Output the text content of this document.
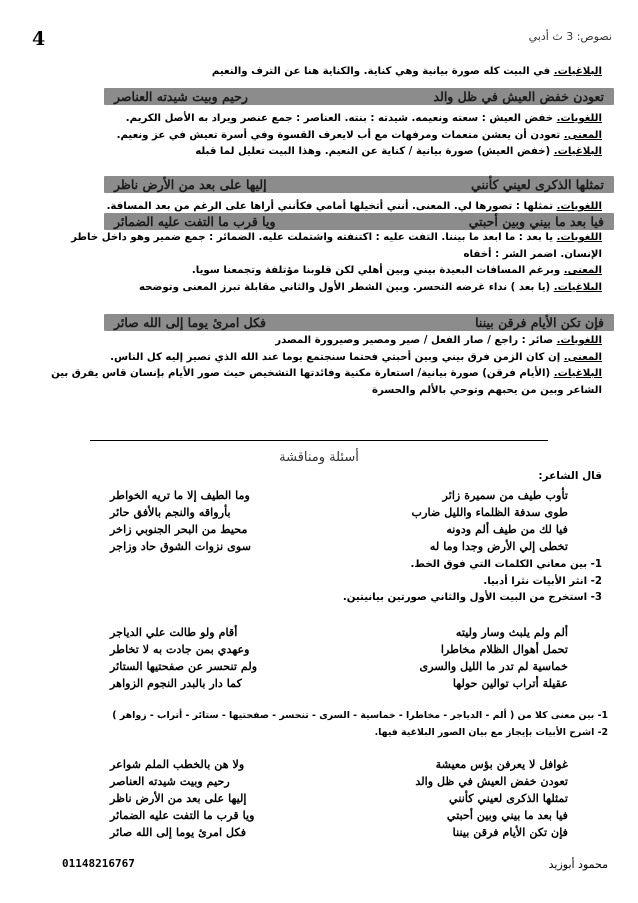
نصوص: 3 ث أدبي
4
البلاغيات. في البيت كله صورة بيانية وهي كناية. والكناية هنا عن الترف والنعيم
تعودن خفض العيش في ظل والد
رحيم وبيت شيدته العناصر
اللغويات. خفض العيش : سعته ونعيمه. شيدته : بنته. العناصر : جمع عنصر ويراد به الأصل الكريم.
المعنى. تعودن أن يعشن منعمات ومرفهات مع أب لايعرف القسوة وفي أسرة تعيش في عز ونعيم.
البلاغيات. (خفض العيش) صورة بيانية / كناية عن النعيم. وهذا البيت تعليل لما قبله
تمثلها الذكرى لعيني كأنني
إليها على بعد من الأرض ناظر
اللغويات. تمثلها : تصورها لي. المعنى. أنني أتخيلها أمامي فكأنني أراها على الرغم من بعد المسافة.
فيا بعد ما بيني وبين أحبتي
ويا قرب ما التفت عليه الضمائر
اللغويات. يا بعد : ما ابعد ما بيننا. التفت عليه : اكتنفته واشتملت عليه. الضمائر : جمع ضمير وهو داخل خاطر
الإنسان. اضمر الشر : أخفاه
المعنى. وبرغم المسافات البعيدة بيني وبين أهلي لكن قلوبنا مؤتلفة وتجمعنا سويا.
البلاغيات. (يا بعد ) نداء غرضه التحسر. وبين الشطر الأول والثاني مقابلة تبرز المعنى وتوضحه
فإن تكن الأيام فرقن بيننا
فكل امرئ يوما إلى الله صائر
اللغويات. صائر : راجع / صار الفعل / صير ومصير وصيرورة المصدر
المعنى. إن كان الزمن فرق بيني وبين أحبتي فحتما سنجتمع يوما عند الله الذي تصير إليه كل الناس.
البلاغيات. (الأيام فرقن) صورة بيانية/ استعارة مكنية وفائدتها التشخيص حيث صور الأيام بإنسان قاس يفرق بين
الشاعر وبين من يحبهم وتوحي بالألم والحسرة
أسئلة ومناقشة
قال الشاعر:
تأوب طيف من سميرة زائر
وما الطيف إلا ما تريه الخواطر
طوى سدفة الظلماء والليل ضارب
بأرواقه والنجم بالأفق حائر
فيا لك من طيف ألم ودونه
محيط من البحر الجنوبي زاخر
تخطى إلي الأرض وجدا وما له
سوى نزوات الشوق حاد وزاجر
1- بين معاني الكلمات التي فوق الخط.
2- انثر الأبيات نثرا أدبيا.
3- استخرج من البيت الأول والثاني صورتين بيانيتين.
ألم ولم يلبث وسار وليته
أقام ولو طالت علي الدياجر
تحمل أهوال الظلام مخاطرا
وعهدي بمن جادت به لا تخاطر
خماسية لم تدر ما الليل والسرى
ولم تنحسر عن صفحتيها الستائر
عقيلة أتراب توالين حولها
كما دار بالبدر النجوم الزواهر
1- بين معنى كلا من ( ألم - الدياجر - مخاطرا - خماسية - السرى - تنحسر - صفحتيها - ستائر - أتراب - زواهر )
2- اشرح الأبيات بإيجاز مع بيان الصور البلاغية فيها.
غوافل لا يعرفن بؤس معيشة
ولا هن بالخطب الملم شواعر
تعودن خفض العيش في ظل والد
رحيم وبيت شيدته العناصر
تمثلها الذكرى لعيني كأنني
إليها على بعد من الأرض ناظر
فيا بعد ما بيني وبين أحبتي
ويا قرب ما التفت عليه الضمائر
فإن تكن الأيام فرقن بيننا
فكل امرئ يوما إلى الله صائر
محمود أبوزيد
01148216767
